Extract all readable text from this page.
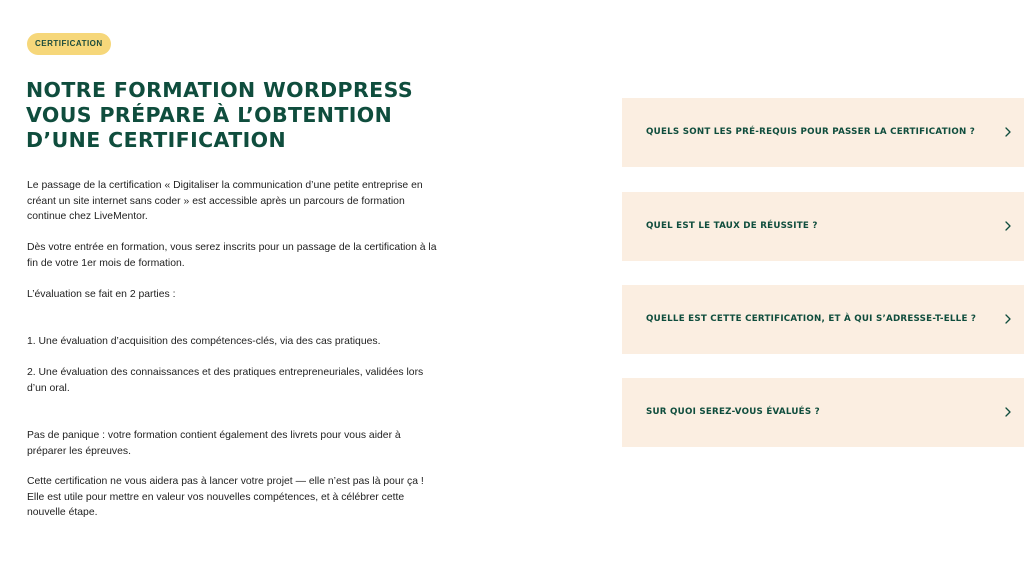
CERTIFICATION
NOTRE FORMATION WORDPRESS
VOUS PRÉPARE À L’OBTENTION
D’UNE CERTIFICATION

Le passage de la certification « Digitaliser la communication d’une petite entreprise en créant un site internet sans coder » est accessible après un parcours de formation continue chez LiveMentor.

Dès votre entrée en formation, vous serez inscrits pour un passage de la certification à la fin de votre 1er mois de formation.

L’évaluation se fait en 2 parties :

1. Une évaluation d’acquisition des compétences-clés, via des cas pratiques.

2. Une évaluation des connaissances et des pratiques entrepreneuriales, validées lors d’un oral.

Pas de panique : votre formation contient également des livrets pour vous aider à préparer les épreuves.

Cette certification ne vous aidera pas à lancer votre projet — elle n’est pas là pour ça ! Elle est utile pour mettre en valeur vos nouvelles compétences, et à célébrer cette nouvelle étape.

QUELS SONT LES PRÉ-REQUIS POUR PASSER LA CERTIFICATION ?
QUEL EST LE TAUX DE RÉUSSITE ?
QUELLE EST CETTE CERTIFICATION, ET À QUI S’ADRESSE-T-ELLE ?
SUR QUOI SEREZ-VOUS ÉVALUÉS ?
